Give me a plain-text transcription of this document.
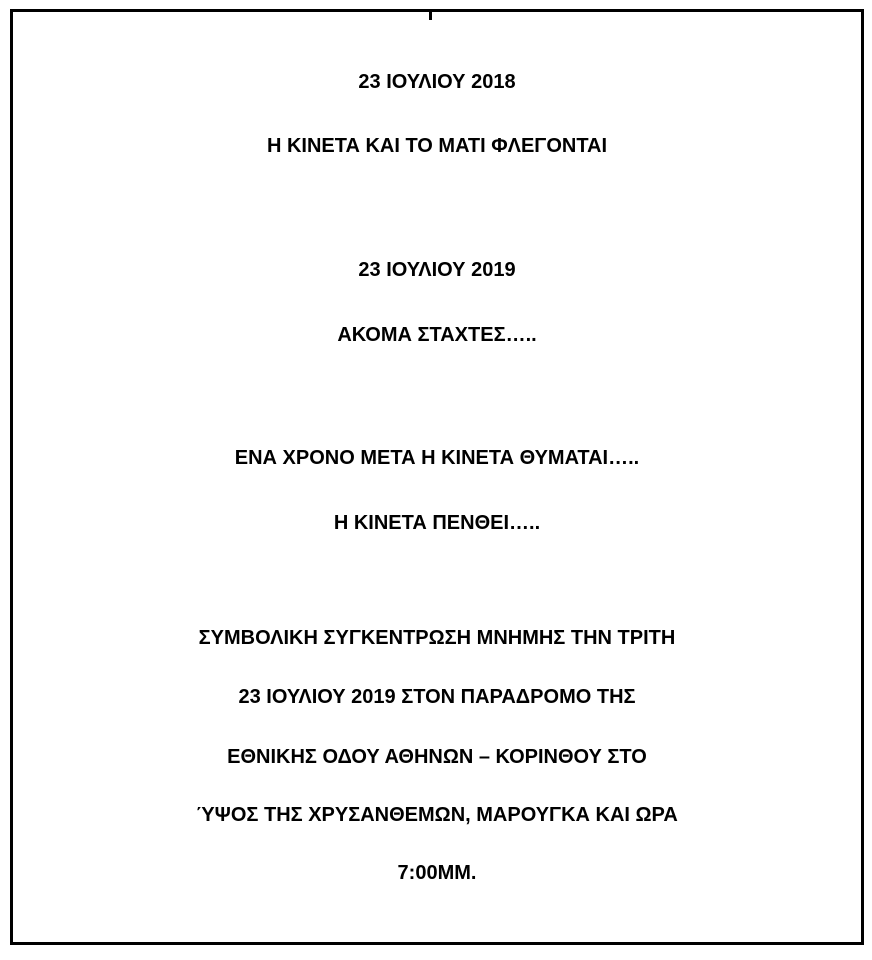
23 ΙΟΥΛΙΟΥ 2018
Η ΚΙΝΕΤΑ ΚΑΙ ΤΟ ΜΑΤΙ ΦΛΕΓΟΝΤΑΙ
23 ΙΟΥΛΙΟΥ 2019
ΑΚΟΜΑ ΣΤΑΧΤΕΣ…..
ΕΝΑ ΧΡΟΝΟ ΜΕΤΑ Η ΚΙΝΕΤΑ ΘΥΜΑΤΑΙ…..
Η ΚΙΝΕΤΑ ΠΕΝΘΕΙ…..
ΣΥΜΒΟΛΙΚΗ ΣΥΓΚΕΝΤΡΩΣΗ ΜΝΗΜΗΣ ΤΗΝ ΤΡΙΤΗ
23 ΙΟΥΛΙΟΥ 2019 ΣΤΟΝ ΠΑΡΑΔΡΟΜΟ ΤΗΣ
ΕΘΝΙΚΗΣ ΟΔΟΥ ΑΘΗΝΩΝ – ΚΟΡΙΝΘΟΥ ΣΤΟ
ΎΨΟΣ ΤΗΣ ΧΡΥΣΑΝΘΕΜΩΝ, ΜΑΡΟΥΓΚΑ ΚΑΙ ΩΡΑ
7:00ΜΜ.
